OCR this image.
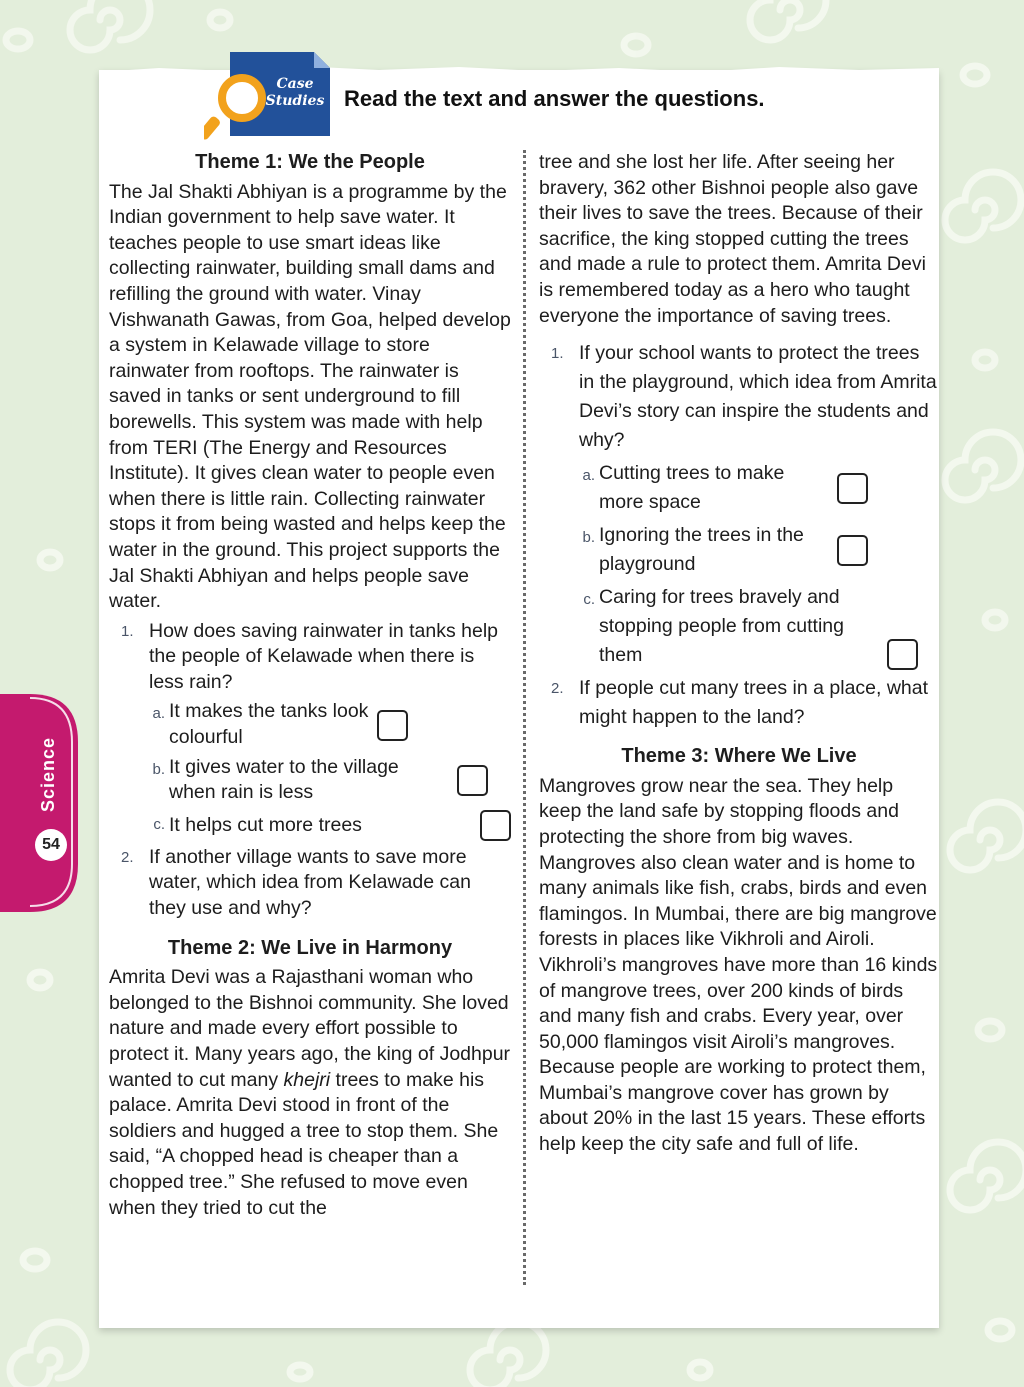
Case
Studies Read the text and answer the questions.
Theme 1: We the People

The Jal Shakti Abhiyan is a programme by the Indian government to help save water. It teaches people to use smart ideas like collecting rainwater, building small dams and refilling the ground with water. Vinay Vishwanath Gawas, from Goa, helped develop a system in Kelawade village to store rainwater from rooftops. The rainwater is saved in tanks or sent underground to fill borewells. This system was made with help from TERI (The Energy and Resources Institute). It gives clean water to people even when there is little rain. Collecting rainwater stops it from being wasted and helps keep the water in the ground. This project supports the Jal Shakti Abhiyan and helps people save water.

1. How does saving rainwater in tanks help the people of Kelawade when there is less rain?
a. It makes the tanks look colourful
b. It gives water to the village when rain is less
c. It helps cut more trees
2. If another village wants to save more water, which idea from Kelawade can they use and why?
Theme 2: We Live in Harmony

Amrita Devi was a Rajasthani woman who belonged to the Bishnoi community. She loved nature and made every effort possible to protect it. Many years ago, the king of Jodhpur wanted to cut many khejri trees to make his palace. Amrita Devi stood in front of the soldiers and hugged a tree to stop them. She said, “A chopped head is cheaper than a chopped tree.” She refused to move even when they tried to cut the

tree and she lost her life. After seeing her bravery, 362 other Bishnoi people also gave their lives to save the trees. Because of their sacrifice, the king stopped cutting the trees and made a rule to protect them. Amrita Devi is remembered today as a hero who taught everyone the importance of saving trees.

1. If your school wants to protect the trees in the playground, which idea from Amrita Devi’s story can inspire the students and why?
a. Cutting trees to make more space
b. Ignoring the trees in the playground
c. Caring for trees bravely and stopping people from cutting them
2. If people cut many trees in a place, what might happen to the land?
Theme 3: Where We Live

Mangroves grow near the sea. They help keep the land safe by stopping floods and protecting the shore from big waves. Mangroves also clean water and is home to many animals like fish, crabs, birds and even flamingos. In Mumbai, there are big mangrove forests in places like Vikhroli and Airoli. Vikhroli’s mangroves have more than 16 kinds of mangrove trees, over 200 kinds of birds and many fish and crabs. Every year, over 50,000 flamingos visit Airoli’s mangroves. Because people are working to protect them, Mumbai’s mangrove cover has grown by about 20% in the last 15 years. These efforts help keep the city safe and full of life.

Science
54
